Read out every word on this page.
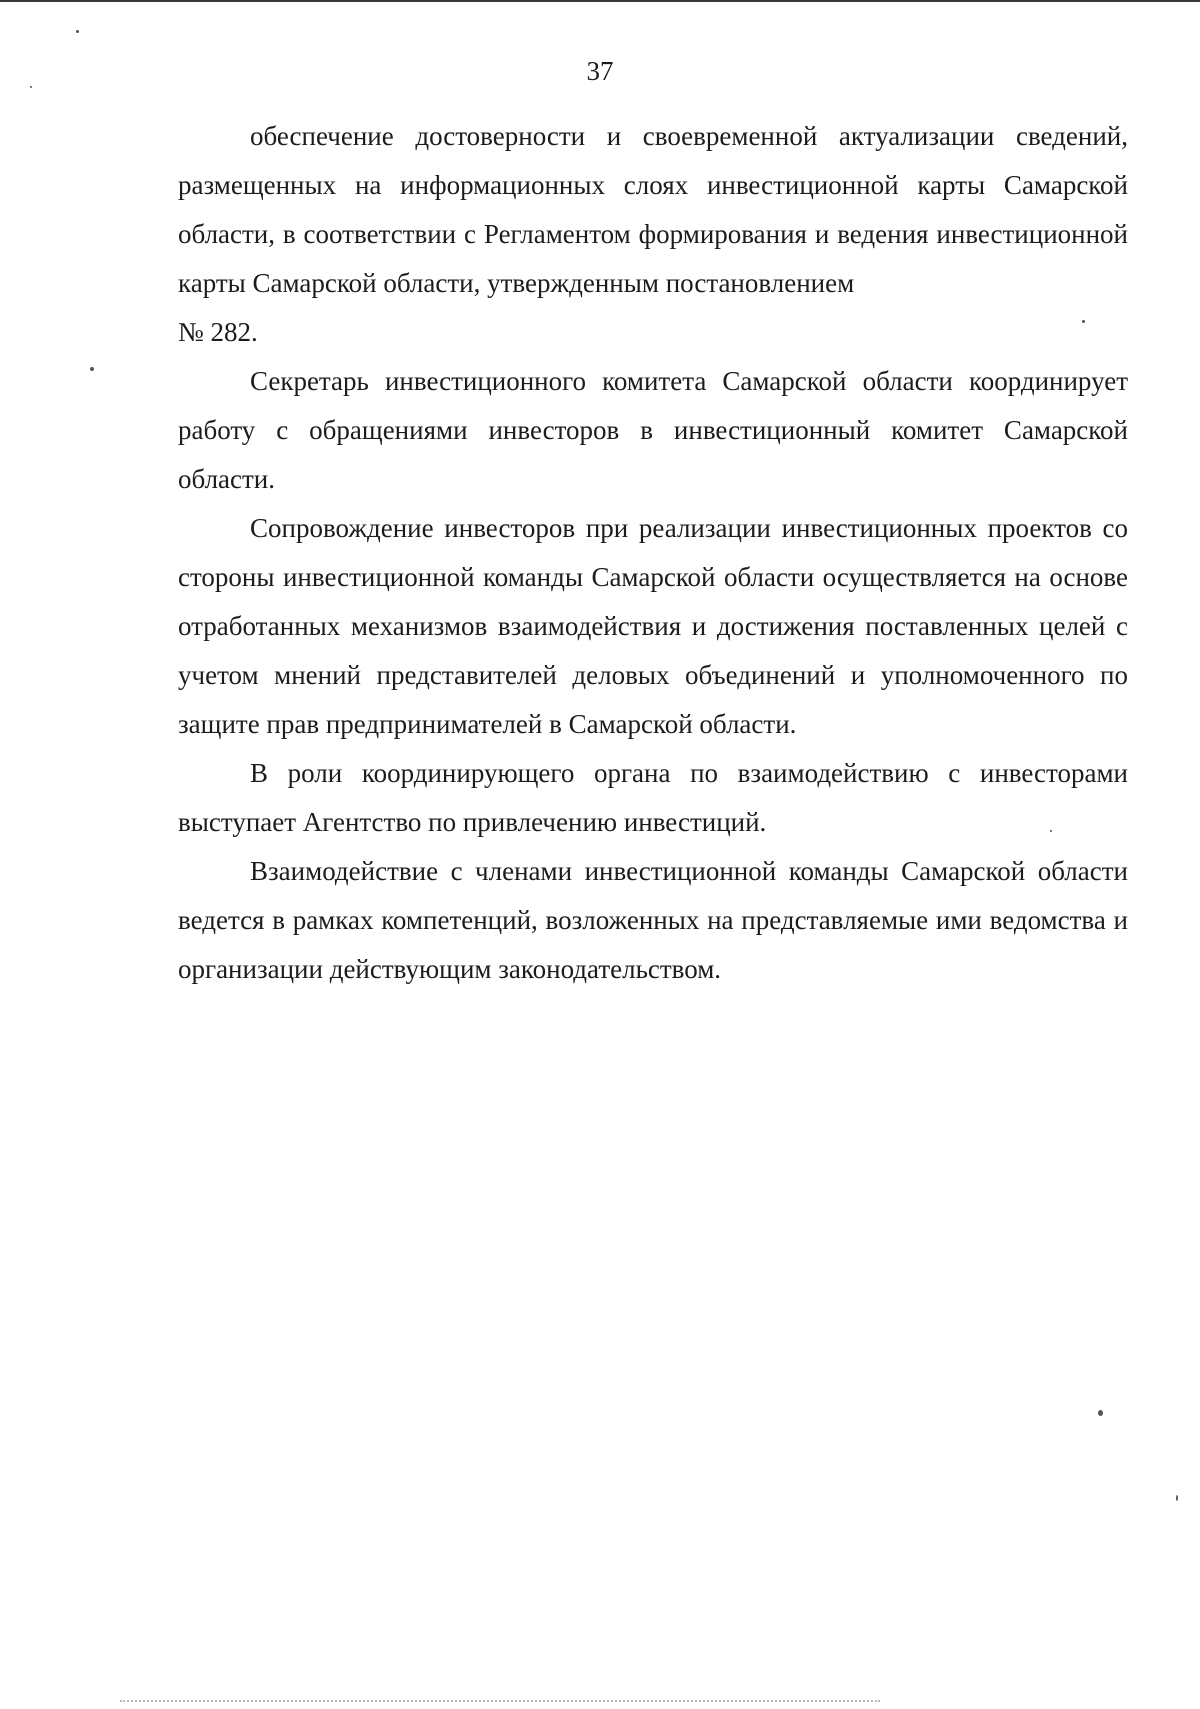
37

обеспечение достоверности и своевременной актуализации сведений, размещенных на информационных слоях инвестиционной карты Самарской области, в соответствии с Регламентом формирования и ведения инвестиционной карты Самарской области, утвержденным постановлением

№ 282.

Секретарь инвестиционного комитета Самарской области координирует работу с обращениями инвесторов в инвестиционный комитет Самарской области.

Сопровождение инвесторов при реализации инвестиционных проектов со стороны инвестиционной команды Самарской области осуществляется на основе отработанных механизмов взаимодействия и достижения поставленных целей с учетом мнений представителей деловых объединений и уполномоченного по защите прав предпринимателей в Самарской области.

В роли координирующего органа по взаимодействию с инвесторами выступает Агентство по привлечению инвестиций.

Взаимодействие с членами инвестиционной команды Самарской области ведется в рамках компетенций, возложенных на представляемые ими ведомства и организации действующим законодательством.
